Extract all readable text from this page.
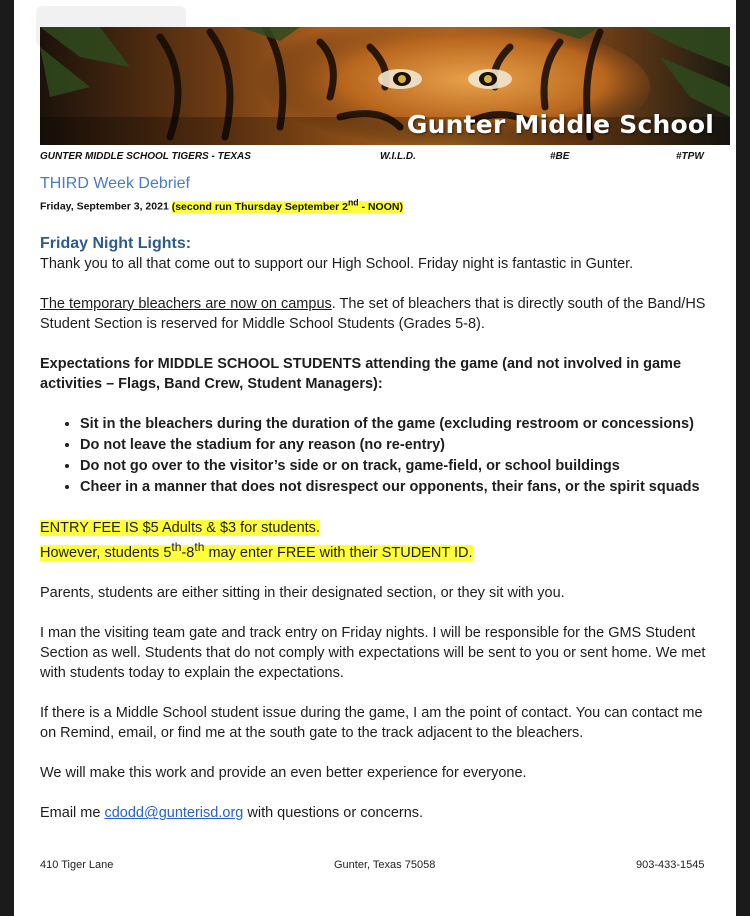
Gunter Middle School
GUNTER MIDDLE SCHOOL TIGERS - TEXAS	W.I.L.D.	#BE	#TPW

THIRD Week Debrief

Friday, September 3, 2021 (second run Thursday September 2nd - NOON)

Friday Night Lights:

Thank you to all that come out to support our High School. Friday night is fantastic in Gunter.

The temporary bleachers are now on campus. The set of bleachers that is directly south of the Band/HS Student Section is reserved for Middle School Students (Grades 5-8).

Expectations for MIDDLE SCHOOL STUDENTS attending the game (and not involved in game activities – Flags, Band Crew, Student Managers):

• Sit in the bleachers during the duration of the game (excluding restroom or concessions)
• Do not leave the stadium for any reason (no re-entry)
• Do not go over to the visitor’s side or on track, game-field, or school buildings
• Cheer in a manner that does not disrespect our opponents, their fans, or the spirit squads

ENTRY FEE IS $5 Adults & $3 for students.

However, students 5th-8th may enter FREE with their STUDENT ID.

Parents, students are either sitting in their designated section, or they sit with you.

I man the visiting team gate and track entry on Friday nights. I will be responsible for the GMS Student Section as well. Students that do not comply with expectations will be sent to you or sent home. We met with students today to explain the expectations.

If there is a Middle School student issue during the game, I am the point of contact. You can contact me on Remind, email, or find me at the south gate to the track adjacent to the bleachers.

We will make this work and provide an even better experience for everyone.

Email me cdodd@gunterisd.org with questions or concerns.

410 Tiger Lane	Gunter, Texas 75058	903-433-1545
